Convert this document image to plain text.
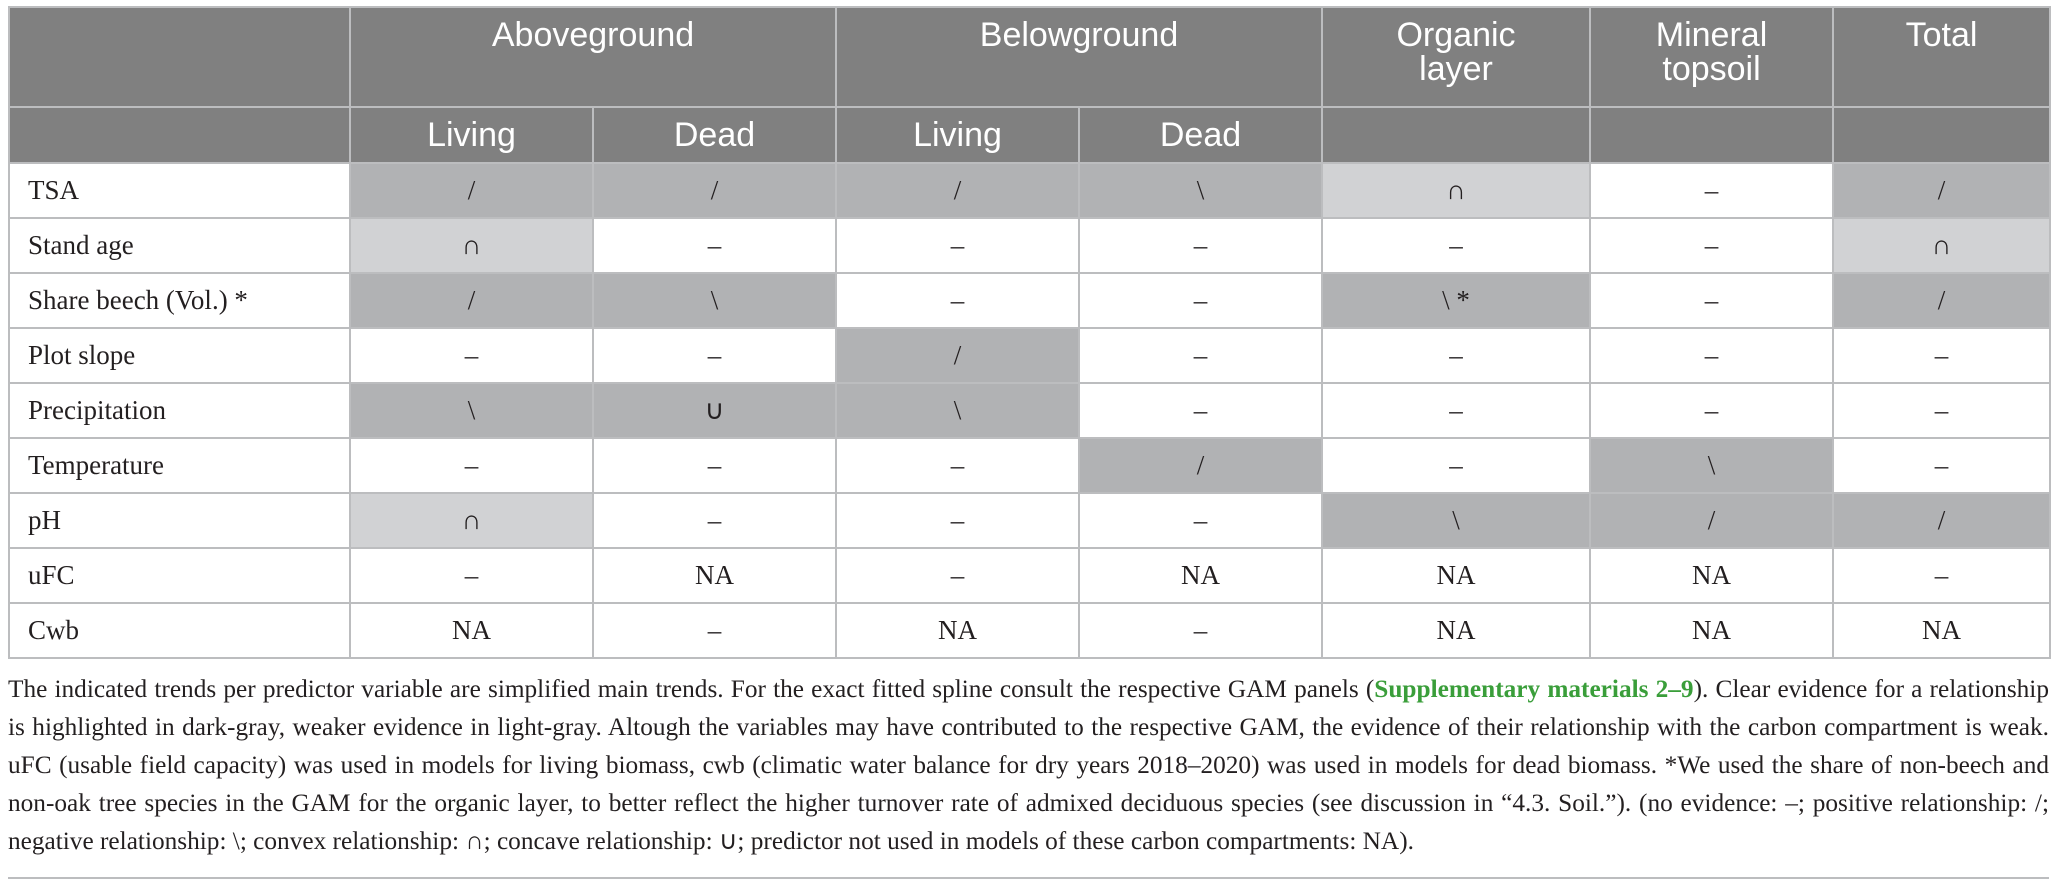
	Aboveground		Belowground		Organic layer	Mineral topsoil	Total
	Living	Dead	Living	Dead			
TSA	/	/	/	\	∩	–	/
Stand age	∩	–	–	–	–	–	∩
Share beech (Vol.) *	/	\	–	–	\ *	–	/
Plot slope	–	–	/	–	–	–	–
Precipitation	\	∪	\	–	–	–	–
Temperature	–	–	–	/	–	\	–
pH	∩	–	–	–	\	/	/
uFC	–	NA	–	NA	NA	NA	–
Cwb	NA	–	NA	–	NA	NA	NA
The indicated trends per predictor variable are simplified main trends. For the exact fitted spline consult the respective GAM panels (Supplementary materials 2–9). Clear evidence for a relationship is highlighted in dark-gray, weaker evidence in light-gray. Altough the variables may have contributed to the respective GAM, the evidence of their relationship with the carbon compartment is weak. uFC (usable field capacity) was used in models for living biomass, cwb (climatic water balance for dry years 2018–2020) was used in models for dead biomass. *We used the share of non-beech and non-oak tree species in the GAM for the organic layer, to better reflect the higher turnover rate of admixed deciduous species (see discussion in “4.3. Soil.”). (no evidence: –; positive relationship: /; negative relationship: \; convex relationship: ∩; concave relationship: ∪; predictor not used in models of these carbon compartments: NA).
